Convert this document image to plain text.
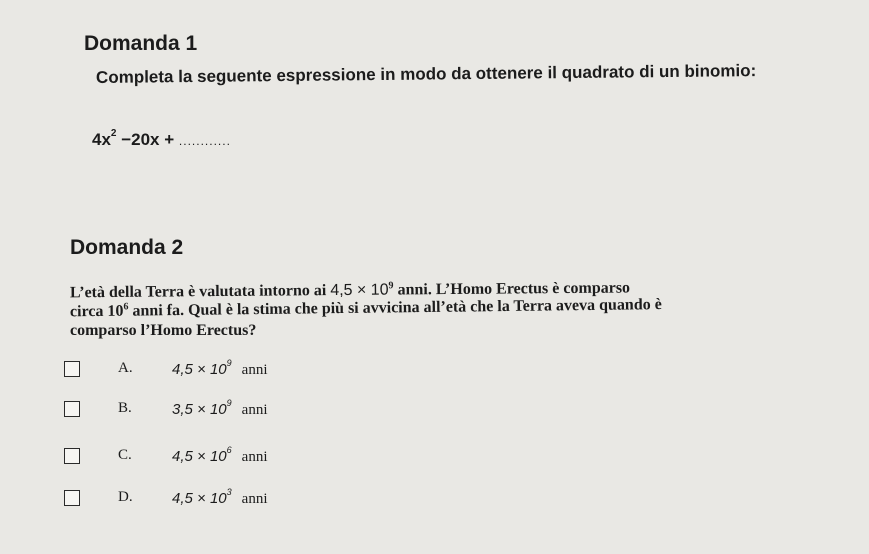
Domanda 1
Completa la seguente espressione in modo da ottenere il quadrato di un binomio:
$4x^2 -20x$ + ............
Domanda 2
L’età della Terra è valutata intorno ai $4,5 \times 10^9$ anni. L’Homo Erectus è comparso
circa $10^6$ anni fa. Qual è la stima che più si avvicina all’età che la Terra aveva quando è
comparso l’Homo Erectus?
A.	$4,5 \times 10^9$ anni
B.	$3,5 \times 10^9$ anni
C.	$4,5 \times 10^6$ anni
D.	$4,5 \times 10^3$ anni
